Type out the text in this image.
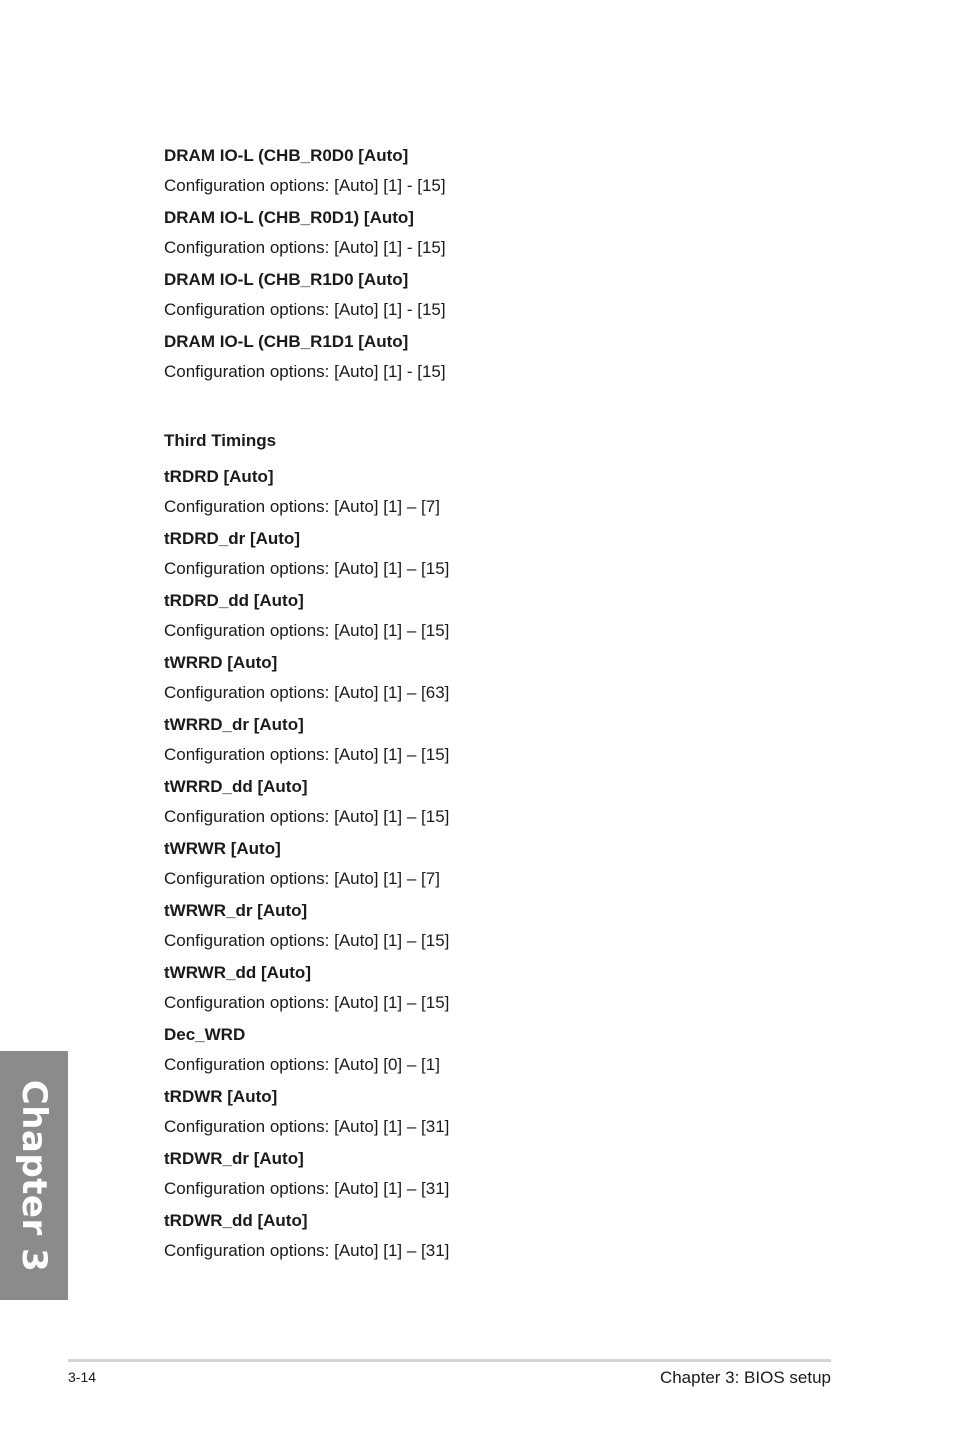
DRAM IO-L (CHB_R0D0 [Auto]
Configuration options: [Auto] [1] - [15]
DRAM IO-L (CHB_R0D1) [Auto]
Configuration options: [Auto] [1] - [15]
DRAM IO-L (CHB_R1D0 [Auto]
Configuration options: [Auto] [1] - [15]
DRAM IO-L (CHB_R1D1 [Auto]
Configuration options: [Auto] [1] - [15]
Third Timings
tRDRD [Auto]
Configuration options: [Auto] [1] – [7]
tRDRD_dr [Auto]
Configuration options: [Auto] [1] – [15]
tRDRD_dd [Auto]
Configuration options: [Auto] [1] – [15]
tWRRD [Auto]
Configuration options: [Auto] [1] – [63]
tWRRD_dr [Auto]
Configuration options: [Auto] [1] – [15]
tWRRD_dd [Auto]
Configuration options: [Auto] [1] – [15]
tWRWR [Auto]
Configuration options: [Auto] [1] – [7]
tWRWR_dr [Auto]
Configuration options: [Auto] [1] – [15]
tWRWR_dd [Auto]
Configuration options: [Auto] [1] – [15]
Dec_WRD
Configuration options: [Auto] [0] – [1]
tRDWR [Auto]
Configuration options: [Auto] [1] – [31]
tRDWR_dr [Auto]
Configuration options: [Auto] [1] – [31]
tRDWR_dd [Auto]
Configuration options: [Auto] [1] – [31]
Chapter 3
3-14	Chapter 3: BIOS setup
